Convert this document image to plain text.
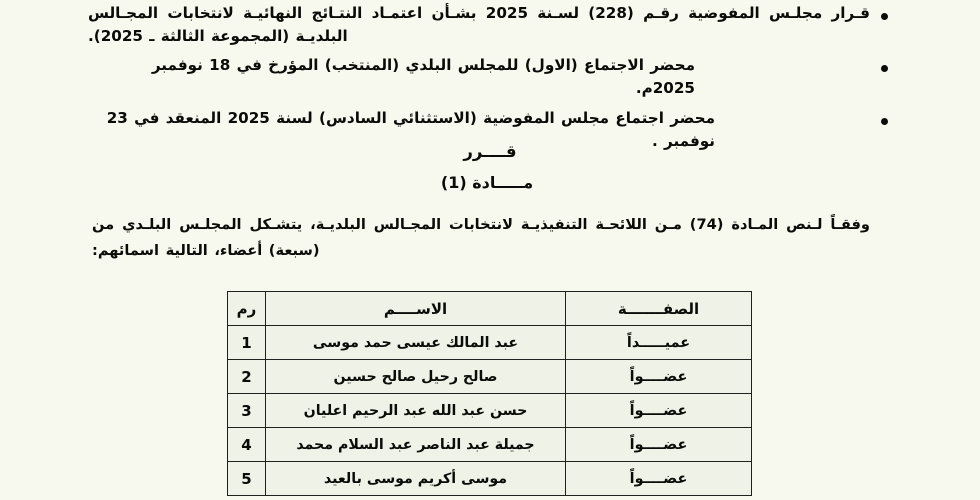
قـرار مجلـس المفوضية رقـم (228) لسـنة 2025 بشـأن اعتمـاد النتـائج النهائيـة لانتخابات المجـالس البلديـة (المجموعة الثالثة ـ 2025).
محضر الاجتماع (الاول) للمجلس البلدي (المنتخب) المؤرخ في 18 نوفمبر 2025م.
محضر اجتماع مجلس المفوضية (الاستثنائي السادس) لسنة 2025 المنعقد في 23 نوفمبر .
قــــرر
مـــــادة (1)
وفقـاً لـنص المـادة (74) مـن اللائحـة التنفيذيـة لانتخابات المجـالس البلديـة، يتشـكل المجلـس البلـدي من (سبعة) أعضاء، التالية اسمائهم:
الصفـــــــة	الاســــم	رم
عميـــــداً	عبد المالك عيسى حمد موسى	1
عضــــواً	صالح رحيل صالح حسين	2
عضــــواً	حسن عبد الله عبد الرحيم اعليان	3
عضــــواً	جميلة عبد الناصر عبد السلام محمد	4
عضــــواً	موسى أكريم موسى بالعيد	5
